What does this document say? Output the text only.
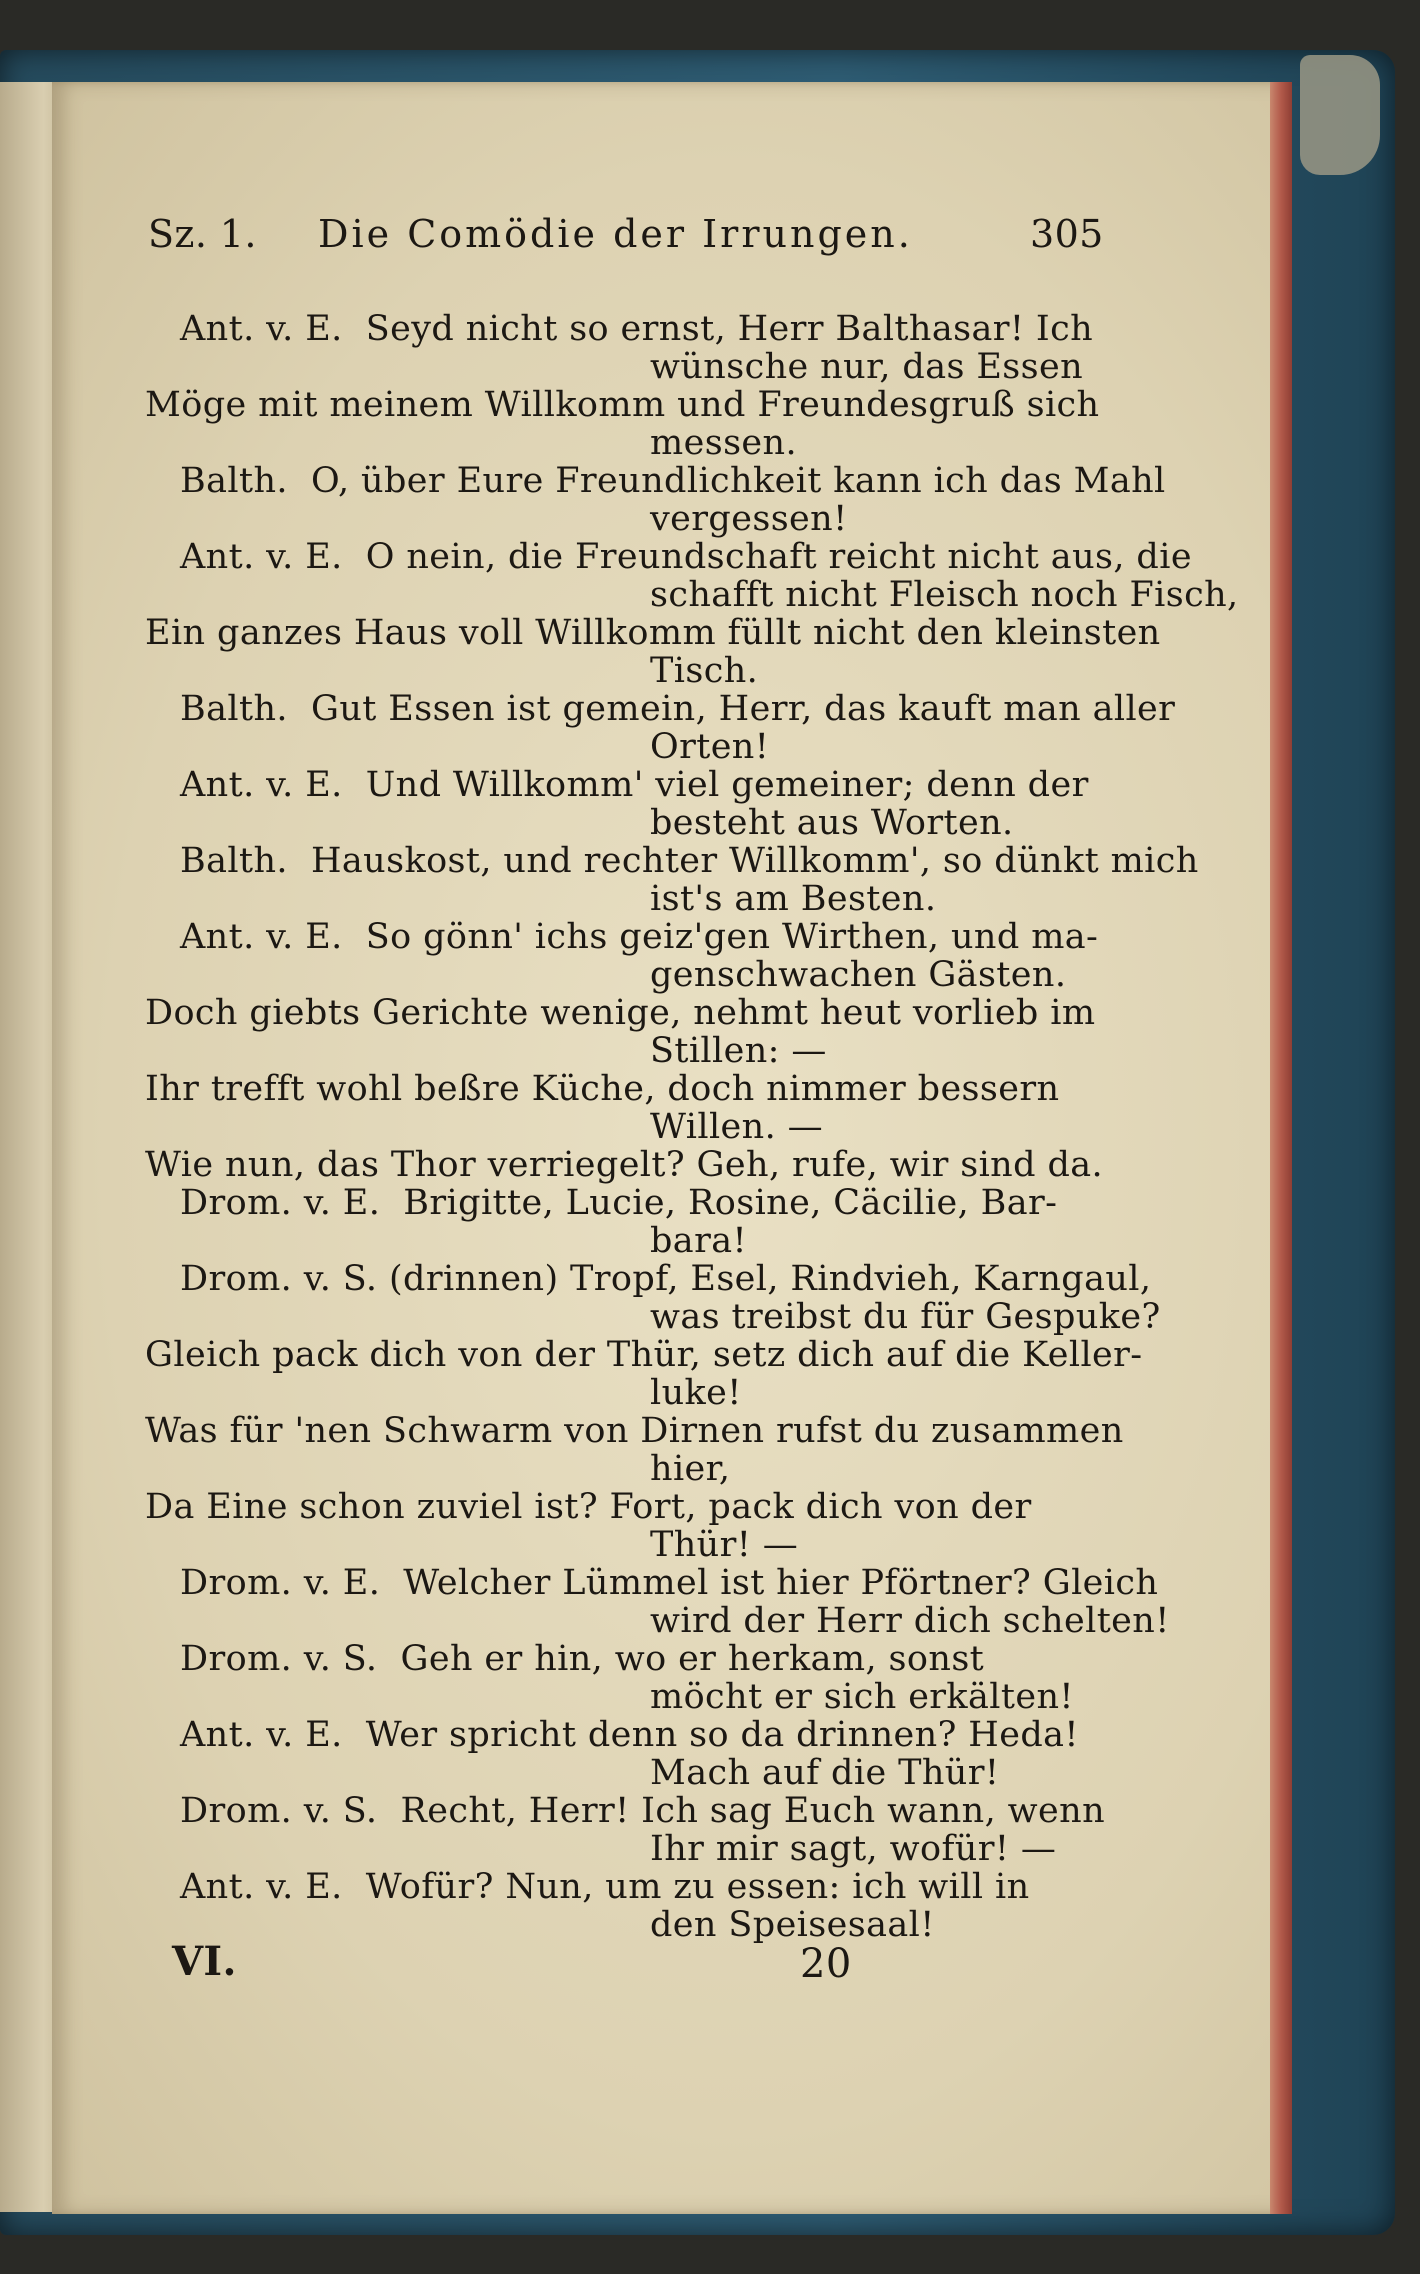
Sz. 1. Die Comödie der Irrungen.	305

Ant. v. E.  Seyd nicht so ernst, Herr Balthasar! Ich

wünsche nur, das Essen

Möge mit meinem Willkomm und Freundesgruß sich

messen.

Balth.  O, über Eure Freundlichkeit kann ich das Mahl

vergessen!

Ant. v. E.  O nein, die Freundschaft reicht nicht aus, die

schafft nicht Fleisch noch Fisch,

Ein ganzes Haus voll Willkomm füllt nicht den kleinsten

Tisch.

Balth.  Gut Essen ist gemein, Herr, das kauft man aller

Orten!

Ant. v. E.  Und Willkomm' viel gemeiner; denn der

besteht aus Worten.

Balth.  Hauskost, und rechter Willkomm', so dünkt mich

ist's am Besten.

Ant. v. E.  So gönn' ichs geiz'gen Wirthen, und ma-

genschwachen Gästen.

Doch giebts Gerichte wenige, nehmt heut vorlieb im

Stillen: —

Ihr trefft wohl beßre Küche, doch nimmer bessern

Willen. —

Wie nun, das Thor verriegelt? Geh, rufe, wir sind da.

Drom. v. E.  Brigitte, Lucie, Rosine, Cäcilie, Bar-

bara!

Drom. v. S. (drinnen) Tropf, Esel, Rindvieh, Karngaul,

was treibst du für Gespuke?

Gleich pack dich von der Thür, setz dich auf die Keller-

luke!

Was für 'nen Schwarm von Dirnen rufst du zusammen

hier,

Da Eine schon zuviel ist? Fort, pack dich von der

Thür! —

Drom. v. E.  Welcher Lümmel ist hier Pförtner? Gleich

wird der Herr dich schelten!

Drom. v. S.  Geh er hin, wo er herkam, sonst

möcht er sich erkälten!

Ant. v. E.  Wer spricht denn so da drinnen? Heda!

Mach auf die Thür!

Drom. v. S.  Recht, Herr! Ich sag Euch wann, wenn

Ihr mir sagt, wofür! —

Ant. v. E.  Wofür? Nun, um zu essen: ich will in

den Speisesaal!

VI.	20
